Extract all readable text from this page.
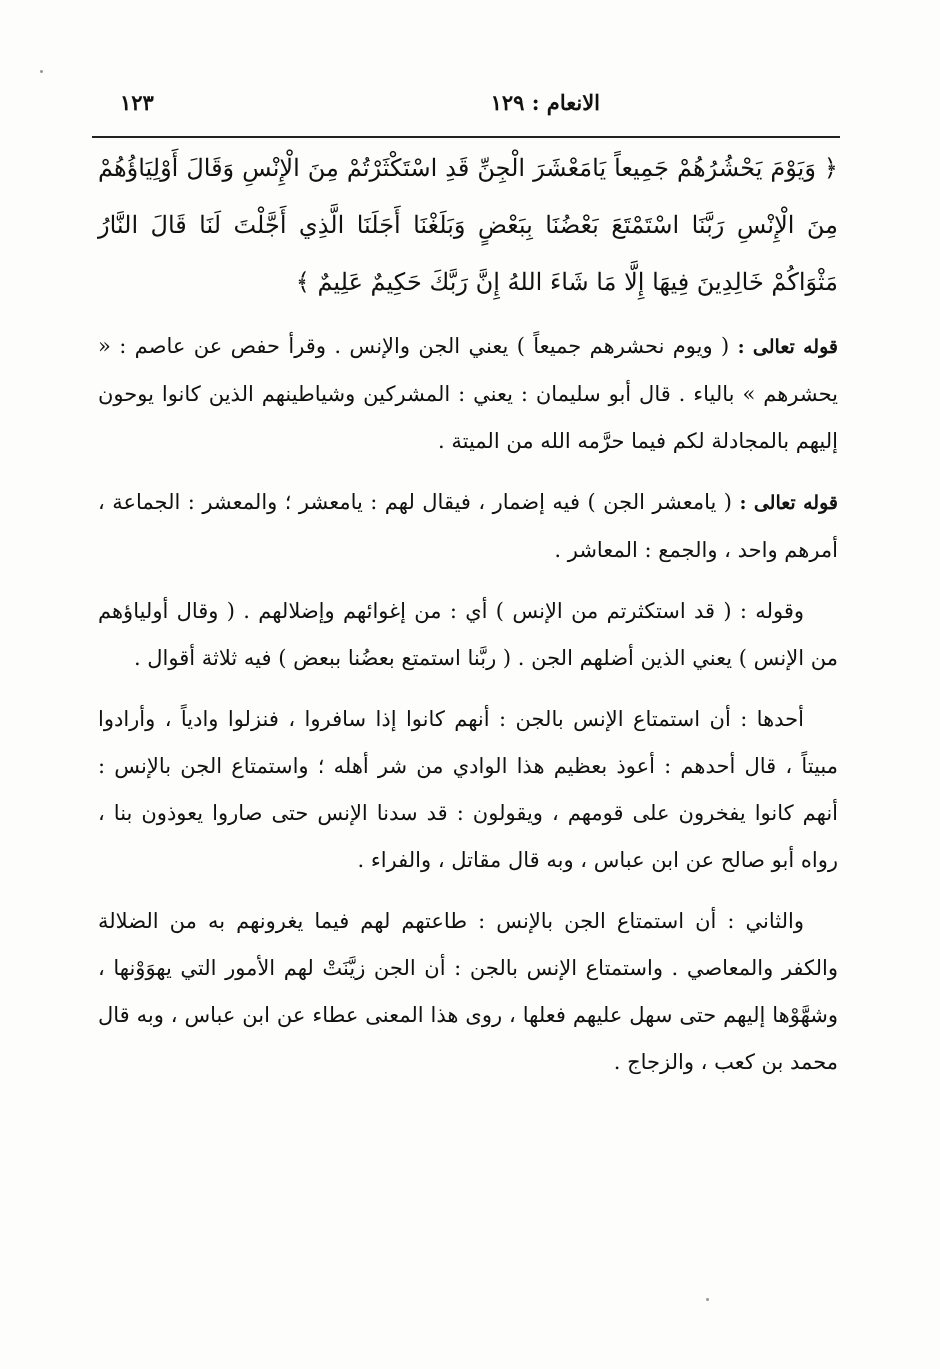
الانعام : ١٢٩
١٢٣

﴿ وَيَوْمَ يَحْشُرُهُمْ جَمِيعاً يَامَعْشَرَ الْجِنِّ قَدِ اسْتَكْثَرْتُمْ مِنَ الْإِنْسِ وَقَالَ أَوْلِيَاؤُهُمْ مِنَ الْإِنْسِ رَبَّنَا اسْتَمْتَعَ بَعْضُنَا بِبَعْضٍ وَبَلَغْنَا أَجَلَنَا الَّذِي أَجَّلْتَ لَنَا قَالَ النَّارُ مَثْوَاكُمْ خَالِدِينَ فِيهَا إِلَّا مَا شَاءَ اللهُ إِنَّ رَبَّكَ حَكِيمٌ عَلِيمٌ ﴾

قوله تعالى : ( ويوم نحشرهم جميعاً ) يعني الجن والإنس . وقرأ حفص عن عاصم : « يحشرهم » بالياء . قال أبو سليمان : يعني : المشركين وشياطينهم الذين كانوا يوحون إليهم بالمجادلة لكم فيما حرَّمه الله من الميتة .

قوله تعالى : ( يامعشر الجن ) فيه إضمار ، فيقال لهم : يامعشر ؛ والمعشر : الجماعة ، أمرهم واحد ، والجمع : المعاشر .

وقوله : ( قد استكثرتم من الإنس ) أي : من إغوائهم وإضلالهم . ( وقال أولياؤهم من الإنس ) يعني الذين أضلهم الجن . ( ربَّنا استمتع بعضُنا ببعض ) فيه ثلاثة أقوال .

أحدها : أن استمتاع الإنس بالجن : أنهم كانوا إذا سافروا ، فنزلوا وادياً ، وأرادوا مبيتاً ، قال أحدهم : أعوذ بعظيم هذا الوادي من شر أهله ؛ واستمتاع الجن بالإنس : أنهم كانوا يفخرون على قومهم ، ويقولون : قد سدنا الإنس حتى صاروا يعوذون بنا ، رواه أبو صالح عن ابن عباس ، وبه قال مقاتل ، والفراء .

والثاني : أن استمتاع الجن بالإنس : طاعتهم لهم فيما يغرونهم به من الضلالة والكفر والمعاصي . واستمتاع الإنس بالجن : أن الجن زيَّنَتْ لهم الأمور التي يهوَوْنها ، وشهَّوْها إليهم حتى سهل عليهم فعلها ، روى هذا المعنى عطاء عن ابن عباس ، وبه قال محمد بن كعب ، والزجاج .
